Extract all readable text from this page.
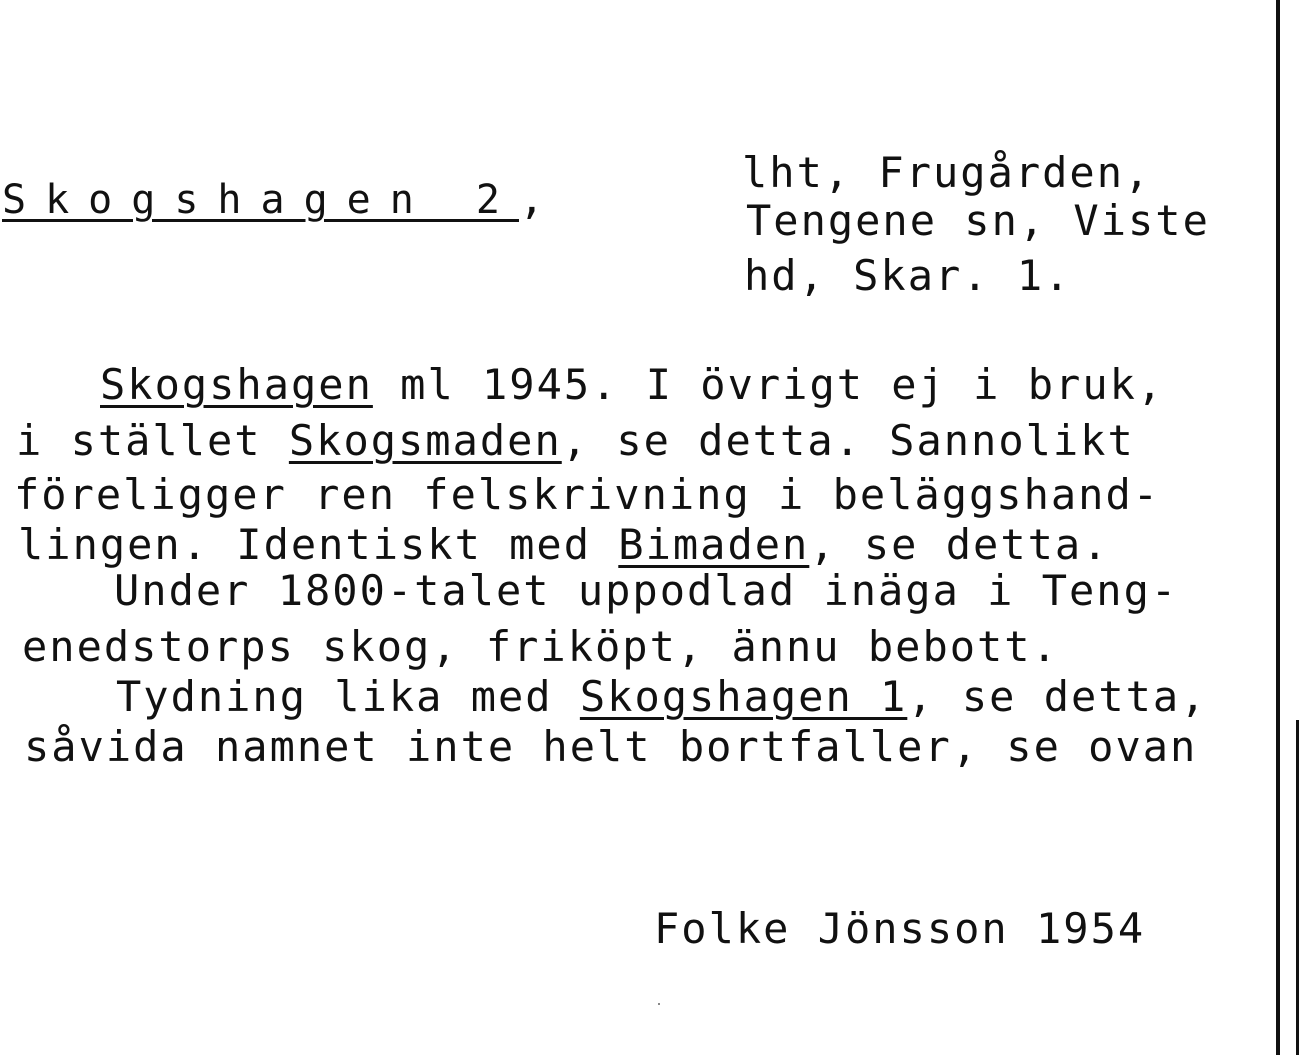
Skogshagen 2,
lht, Frugården,
Tengene sn, Viste
hd, Skar. 1.
Skogshagen ml 1945. I övrigt ej i bruk,
i stället Skogsmaden, se detta. Sannolikt
föreligger ren felskrivning i beläggshand-
lingen. Identiskt med Bimaden, se detta.
Under 1800-talet uppodlad inäga i Teng-
enedstorps skog, friköpt, ännu bebott.
Tydning lika med Skogshagen 1, se detta,
såvida namnet inte helt bortfaller, se ovan
Folke Jönsson 1954
